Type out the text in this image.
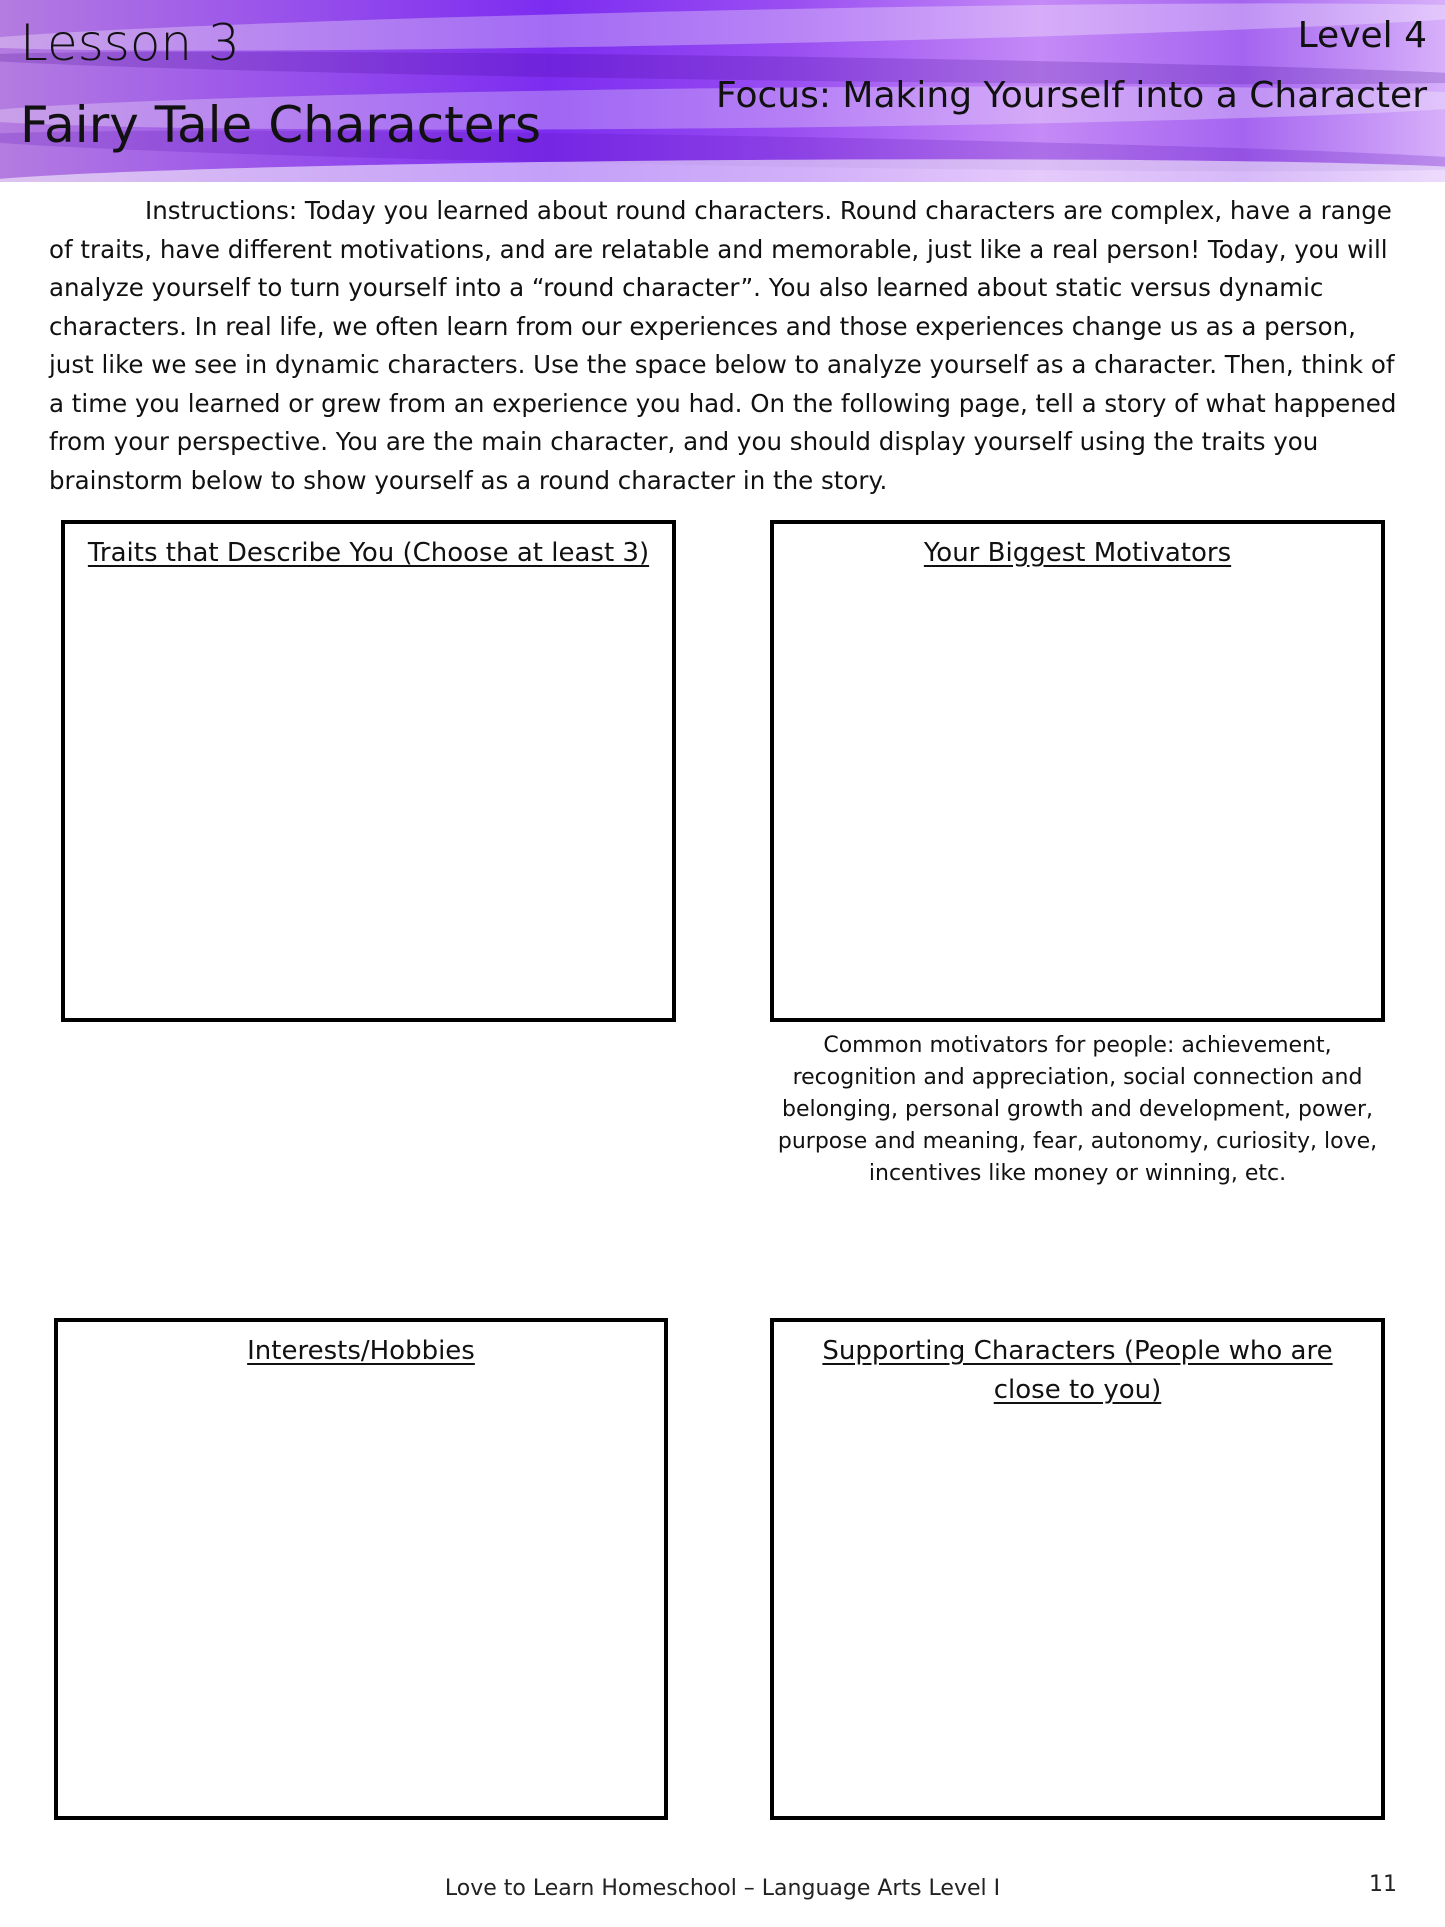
Lesson 3
Fairy Tale Characters
Level 4
Focus: Making Yourself into a Character

Instructions: Today you learned about round characters. Round characters are complex, have a range of traits, have different motivations, and are relatable and memorable, just like a real person! Today, you will analyze yourself to turn yourself into a “round character”. You also learned about static versus dynamic characters. In real life, we often learn from our experiences and those experiences change us as a person, just like we see in dynamic characters. Use the space below to analyze yourself as a character. Then, think of a time you learned or grew from an experience you had. On the following page, tell a story of what happened from your perspective. You are the main character, and you should display yourself using the traits you brainstorm below to show yourself as a round character in the story.

Traits that Describe You (Choose at least 3)	Your Biggest Motivators

Common motivators for people: achievement, recognition and appreciation, social connection and belonging, personal growth and development, power, purpose and meaning, fear, autonomy, curiosity, love, incentives like money or winning, etc.

Interests/Hobbies	Supporting Characters (People who are close to you)
Love to Learn Homeschool – Language Arts Level I	11
